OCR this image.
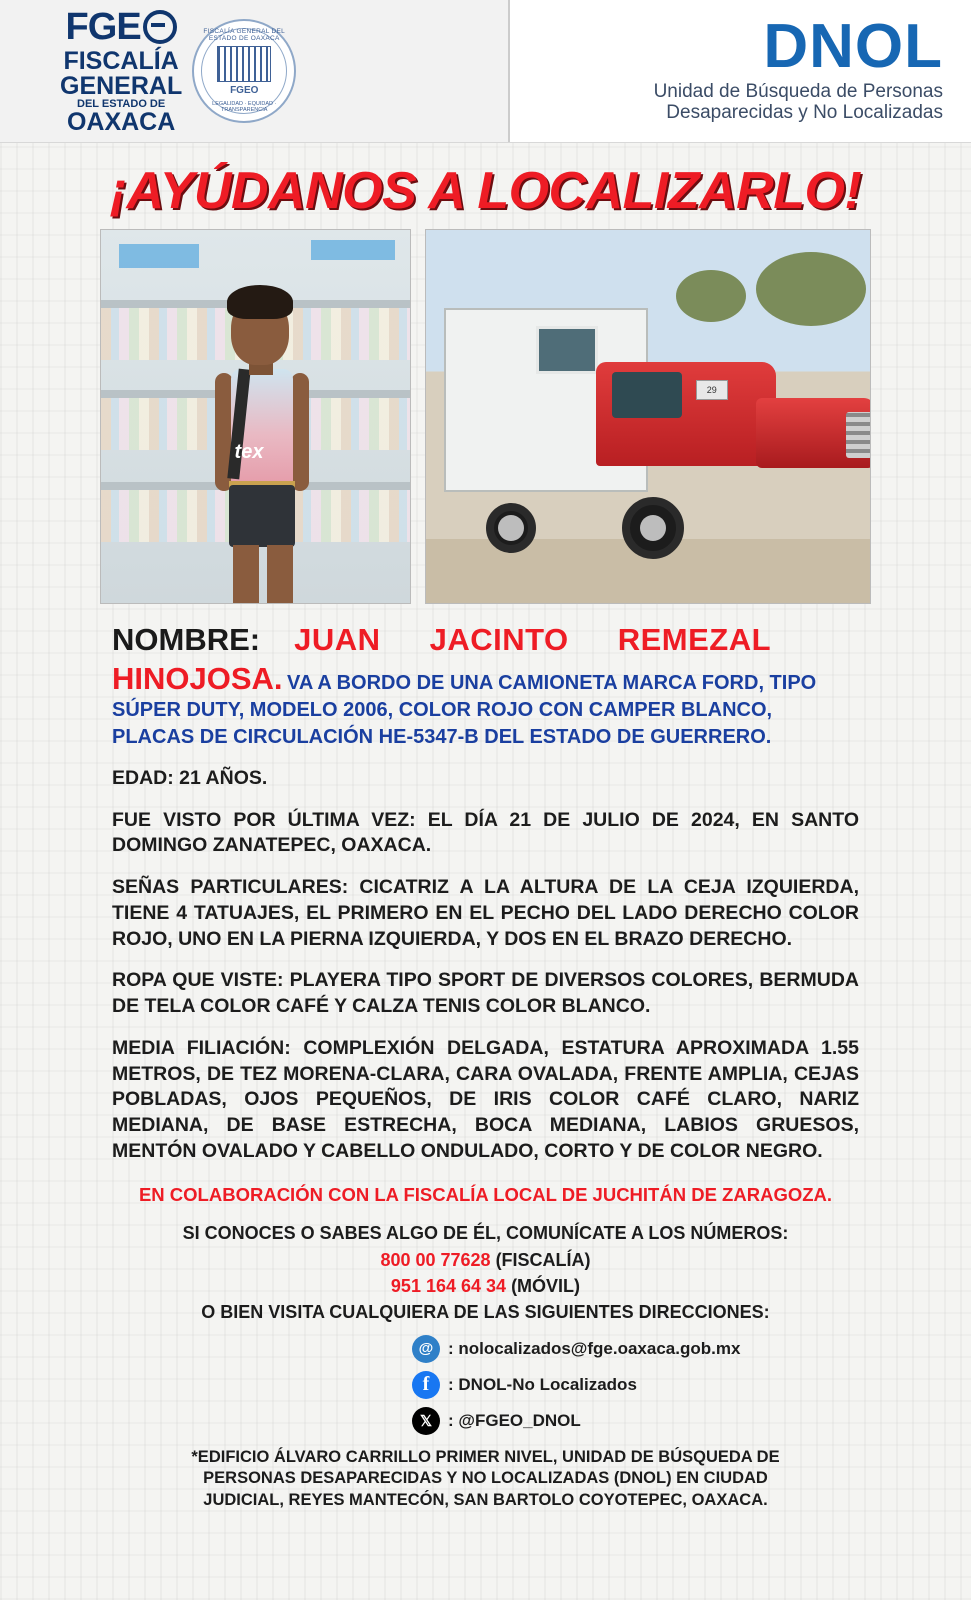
FGE
FISCALÍA
GENERAL
DEL ESTADO DE
OAXACA
FISCALÍA GENERAL DEL ESTADO DE OAXACA
FGEO
LEGALIDAD · EQUIDAD · TRANSPARENCIA
DNOL
Unidad de Búsqueda de Personas
Desaparecidas y No Localizadas
¡AYÚDANOS A LOCALIZARLO!
tex
29
NOMBRE: JUAN JACINTO REMEZAL
HINOJOSA. VA A BORDO DE UNA CAMIONETA MARCA FORD, TIPO SÚPER DUTY, MODELO 2006, COLOR ROJO CON CAMPER BLANCO, PLACAS DE CIRCULACIÓN HE-5347-B DEL ESTADO DE GUERRERO.
EDAD: 21 AÑOS.
FUE VISTO POR ÚLTIMA VEZ: EL DÍA 21 DE JULIO DE 2024, EN SANTO DOMINGO ZANATEPEC, OAXACA.
SEÑAS PARTICULARES: CICATRIZ A LA ALTURA DE LA CEJA IZQUIERDA, TIENE 4 TATUAJES, EL PRIMERO EN EL PECHO DEL LADO DERECHO COLOR ROJO, UNO EN LA PIERNA IZQUIERDA, Y DOS EN EL BRAZO DERECHO.
ROPA QUE VISTE: PLAYERA TIPO SPORT DE DIVERSOS COLORES, BERMUDA DE TELA COLOR CAFÉ Y CALZA TENIS COLOR BLANCO.
MEDIA FILIACIÓN: COMPLEXIÓN DELGADA, ESTATURA APROXIMADA 1.55 METROS, DE TEZ MORENA-CLARA, CARA OVALADA, FRENTE AMPLIA, CEJAS POBLADAS, OJOS PEQUEÑOS, DE IRIS COLOR CAFÉ CLARO, NARIZ MEDIANA, DE BASE ESTRECHA, BOCA MEDIANA, LABIOS GRUESOS, MENTÓN OVALADO Y CABELLO ONDULADO, CORTO Y DE COLOR NEGRO.
EN COLABORACIÓN CON LA FISCALÍA LOCAL DE JUCHITÁN DE ZARAGOZA.
SI CONOCES O SABES ALGO DE ÉL, COMUNÍCATE A LOS NÚMEROS:
800 00 77628 (FISCALÍA)
951 164 64 34 (MÓVIL)
O BIEN VISITA CUALQUIERA DE LAS SIGUIENTES DIRECCIONES:
@ : nolocalizados@fge.oaxaca.gob.mx
f	: DNOL-No Localizados
𝕏 : @FGEO_DNOL
*EDIFICIO ÁLVARO CARRILLO PRIMER NIVEL, UNIDAD DE BÚSQUEDA DE PERSONAS DESAPARECIDAS Y NO LOCALIZADAS (DNOL) EN CIUDAD JUDICIAL, REYES MANTECÓN, SAN BARTOLO COYOTEPEC, OAXACA.
